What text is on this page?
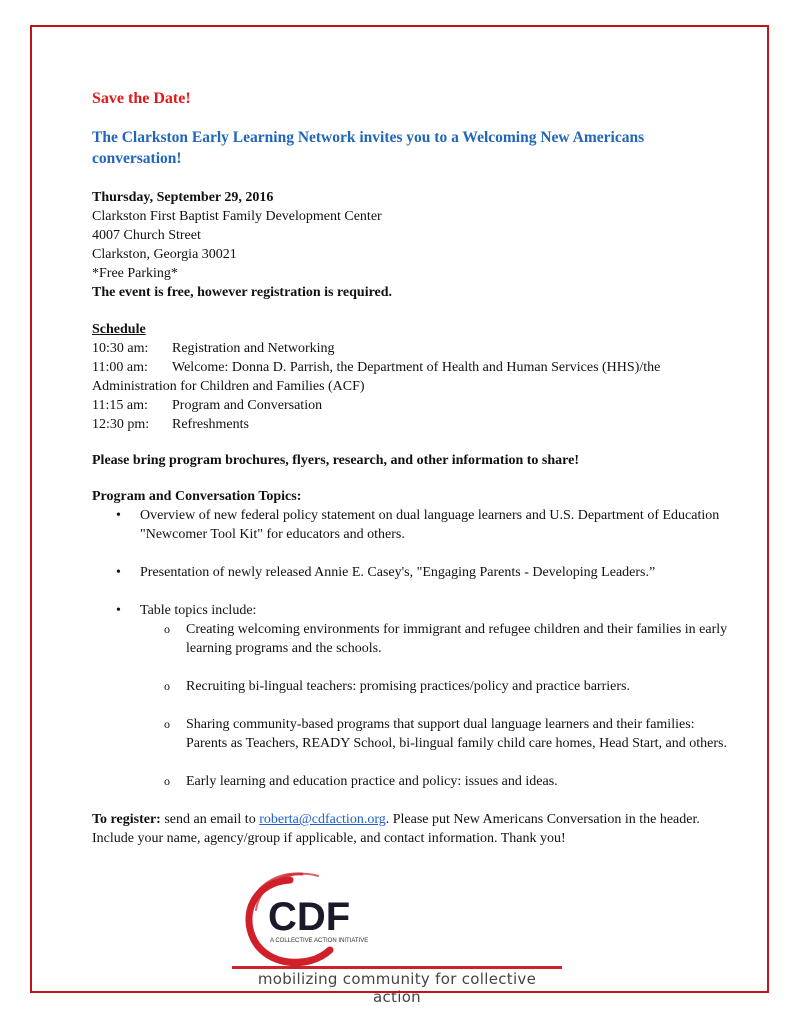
Save the Date!
The Clarkston Early Learning Network invites you to a Welcoming New Americans conversation!
Thursday, September 29, 2016
Clarkston First Baptist Family Development Center
4007 Church Street
Clarkston, Georgia 30021
*Free Parking*
The event is free, however registration is required.
Schedule
10:30 am: Registration and Networking
11:00 am: Welcome: Donna D. Parrish, the Department of Health and Human Services (HHS)/the Administration for Children and Families (ACF)
11:15 am: Program and Conversation
12:30 pm: Refreshments
Please bring program brochures, flyers, research, and other information to share!
Program and Conversation Topics:
• Overview of new federal policy statement on dual language learners and U.S. Department of Education "Newcomer Tool Kit" for educators and others.
• Presentation of newly released Annie E. Casey's, "Engaging Parents - Developing Leaders.”
• Table topics include:
o Creating welcoming environments for immigrant and refugee children and their families in early learning programs and the schools.
o Recruiting bi-lingual teachers: promising practices/policy and practice barriers.
o Sharing community-based programs that support dual language learners and their families: Parents as Teachers, READY School, bi-lingual family child care homes, Head Start, and others.
o Early learning and education practice and policy: issues and ideas.
To register: send an email to roberta@cdfaction.org. Please put New Americans Conversation in the header. Include your name, agency/group if applicable, and contact information. Thank you!
CDF
A COLLECTIVE ACTION INITIATIVE
mobilizing community for collective action
